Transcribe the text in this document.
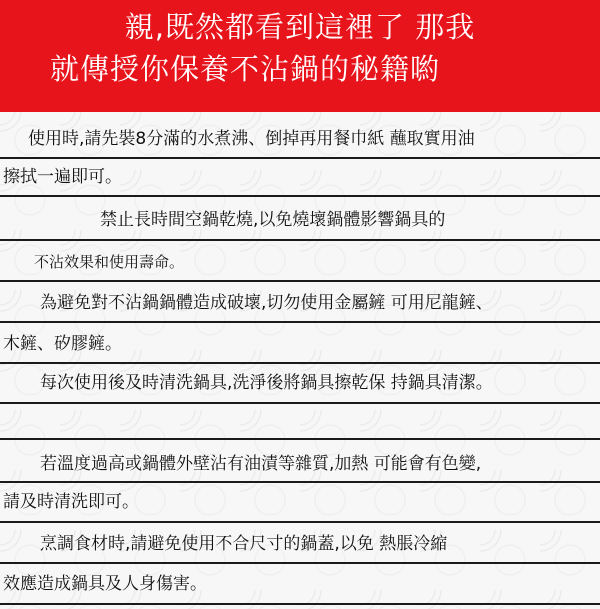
親,既然都看到這裡了 那我
就傳授你保養不沾鍋的秘籍喲
使用時,請先裝8分滿的水煮沸、倒掉再用餐巾紙 蘸取實用油
擦拭一遍即可。
禁止長時間空鍋乾燒,以免燒壞鍋體影響鍋具的
不沾效果和使用壽命。
為避免對不沾鍋鍋體造成破壞,切勿使用金屬鏟 可用尼龍鏟、
木鏟、矽膠鏟。
每次使用後及時清洗鍋具,洗淨後將鍋具擦乾保 持鍋具清潔。
若溫度過高或鍋體外壁沾有油漬等雜質,加熱 可能會有色變,
請及時清洗即可。
烹調食材時,請避免使用不合尺寸的鍋蓋,以免 熱脹冷縮
效應造成鍋具及人身傷害。
